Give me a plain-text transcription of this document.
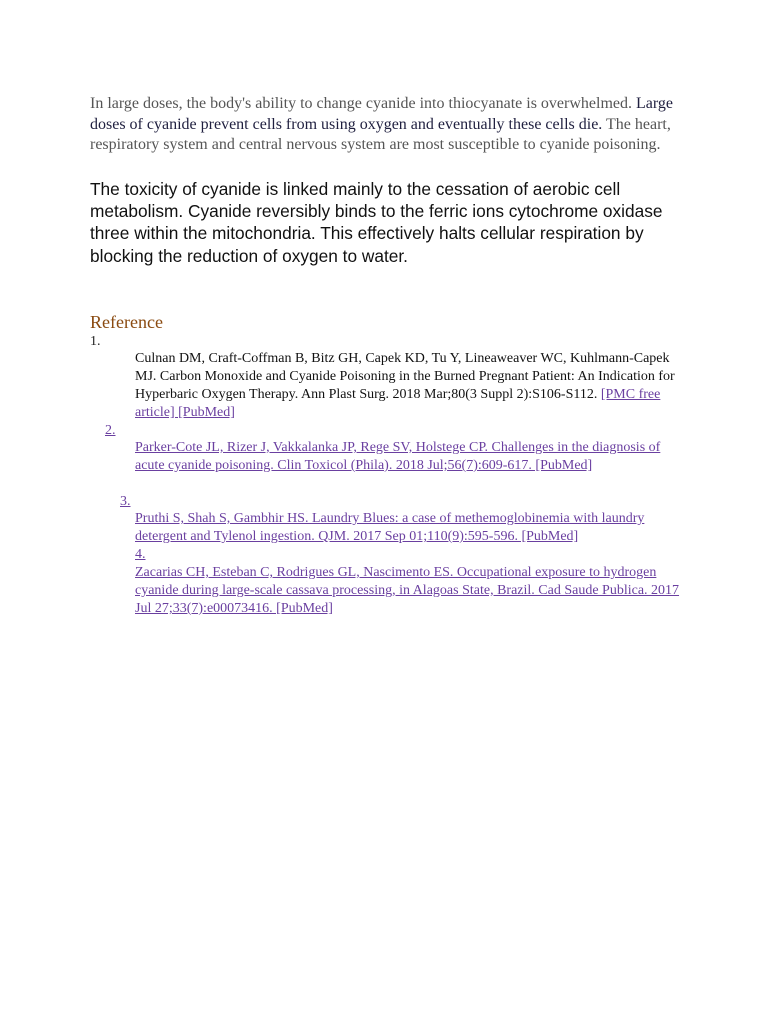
In large doses, the body's ability to change cyanide into thiocyanate is overwhelmed. Large doses of cyanide prevent cells from using oxygen and eventually these cells die. The heart, respiratory system and central nervous system are most susceptible to cyanide poisoning.

The toxicity of cyanide is linked mainly to the cessation of aerobic cell metabolism. Cyanide reversibly binds to the ferric ions cytochrome oxidase three within the mitochondria. This effectively halts cellular respiration by blocking the reduction of oxygen to water.

Reference
1.
Culnan DM, Craft-Coffman B, Bitz GH, Capek KD, Tu Y, Lineaweaver WC, Kuhlmann-Capek MJ. Carbon Monoxide and Cyanide Poisoning in the Burned Pregnant Patient: An Indication for Hyperbaric Oxygen Therapy. Ann Plast Surg. 2018 Mar;80(3 Suppl 2):S106-S112. [PMC free article] [PubMed]
2.
Parker-Cote JL, Rizer J, Vakkalanka JP, Rege SV, Holstege CP. Challenges in the diagnosis of acute cyanide poisoning. Clin Toxicol (Phila). 2018 Jul;56(7):609-617. [PubMed]
3.
Pruthi S, Shah S, Gambhir HS. Laundry Blues: a case of methemoglobinemia with laundry detergent and Tylenol ingestion. QJM. 2017 Sep 01;110(9):595-596. [PubMed]
4.
Zacarias CH, Esteban C, Rodrigues GL, Nascimento ES. Occupational exposure to hydrogen cyanide during large-scale cassava processing, in Alagoas State, Brazil. Cad Saude Publica. 2017 Jul 27;33(7):e00073416. [PubMed]
